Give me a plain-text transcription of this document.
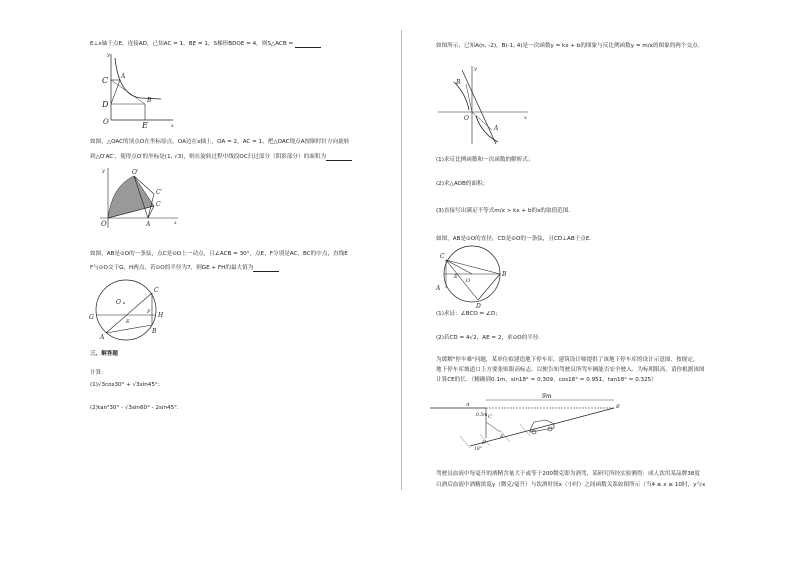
E⊥x轴于点E，连接AD，已知AC = 1，BE = 1，S梯形BDOE = 4，则S△ACB =
C A
D	B
O	E	x
y
如图，△OAC的顶点O在坐标原点，OA边在x轴上，OA = 2，AC = 1，把△OAC绕点A按顺时针方向旋转
到△O′AC′，使得点O′的坐标是(1, √3)，则在旋转过程中线段OC扫过部分（阴影部分）的面积为
y	O′
C′
C
O	A	x
如图，AB是⊙O的一条弦，点C是⊙O上一动点，且∠ACB = 30°，点E，F分别是AC，BC的中点，直线E
F与⊙O交于G，H两点，若⊙O的半径为7，则GE + FH的最大值为
O
C
G	H
F
E
A
B
三、解答题
计算：
(1)√3cos30° + √3sin45°；
(2)tan²30° - √3sin60° - 2sin45°．
如图所示，已知A(n, -2)，B(-1, 4)是一次函数y = kx + b的图象与反比例函数y = m/x的图象的两个交点．
y
B
O
A
x
(1)求反比例函数和一次函数的解析式；
(2)求△AOB的面积；
(3)直接写出满足不等式m/x > kx + b的x的取值范围．
如图，AB是⊙O的直径，CD是⊙O的一条弦，且CD⊥AB于点E．
C
E
O
B
A
D
(1)求证：∠BCO = ∠D；
(2)若CD = 4√2，AE = 2，求⊙O的半径．
为缓解"停车难"问题，某单位拟建造地下停车库，建筑设计师提供了该地下停车库的设计示意图．按规定，
地下停车库坡道口上方要张贴限高标志，以便告知驾驶员所驾车辆能否安全驶入．为标明限高，请你根据该图
计算CE的长．（精确到0.1m，sin18° ≈ 0.309，cos18° ≈ 0.951，tan18° ≈ 0.325）
9m
A	B
C
E
D
0.5m
18°
驾驶员血液中每毫升的酒精含量大于或等于200微克即为酒驾，某研究所经实验测得：成人饮用某品牌38度
白酒后血液中酒精浓度y（微克/毫升）与饮酒时间x（小时）之间函数关系如图所示（当4 ≤ x ≤ 10时，y与x
